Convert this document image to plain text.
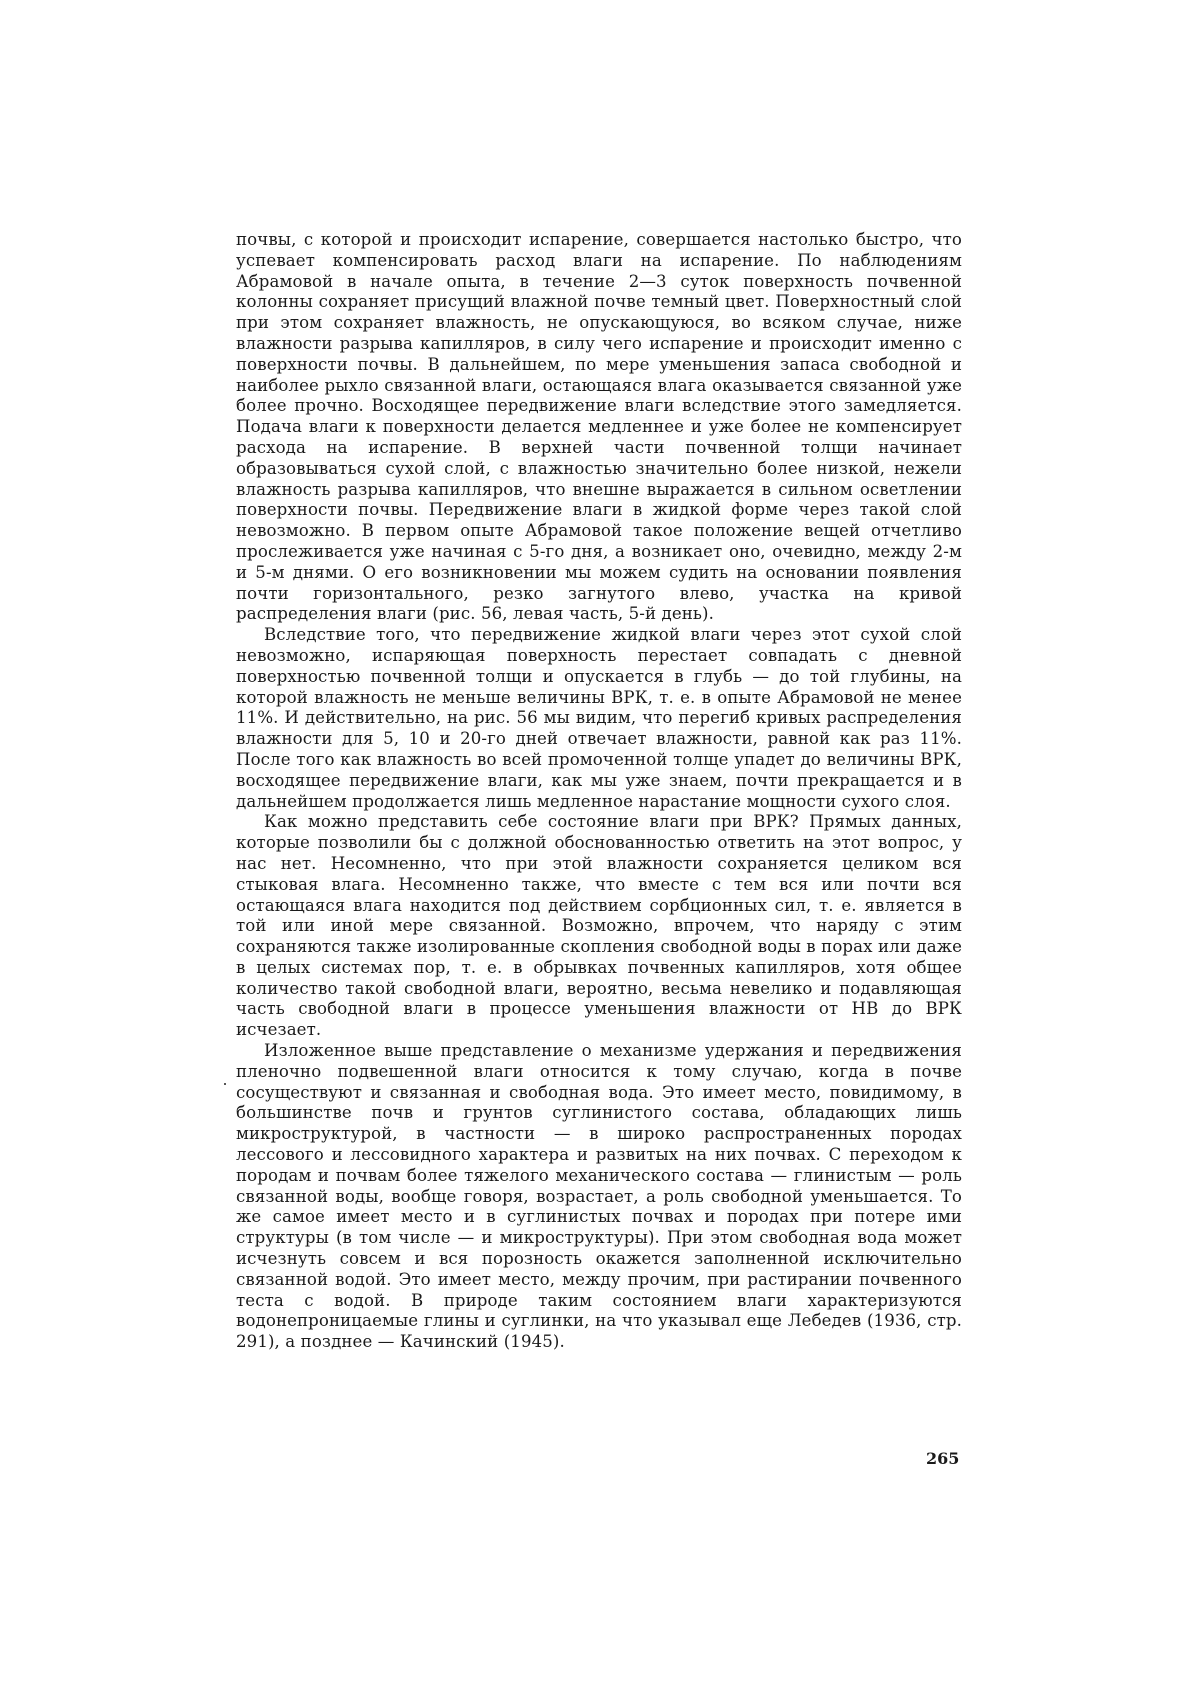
почвы, с которой и происходит испарение, совершается настолько быстро, что успевает компенсировать расход влаги на испарение. По наблюдениям Абрамовой в начале опыта, в течение 2—3 суток поверхность почвенной колонны сохраняет присущий влажной почве темный цвет. Поверхностный слой при этом сохраняет влажность, не опускающуюся, во всяком случае, ниже влажности разрыва капилляров, в силу чего испарение и происходит именно с поверхности почвы. В дальнейшем, по мере уменьшения запаса свободной и наиболее рыхло связанной влаги, остающаяся влага оказывается связанной уже более прочно. Восходящее передвижение влаги вследствие этого замедляется. Подача влаги к поверхности делается медленнее и уже более не компенсирует расхода на испарение. В верхней части почвенной толщи начинает образовываться сухой слой, с влажностью значительно более низкой, нежели влажность разрыва капилляров, что внешне выражается в сильном осветлении поверхности почвы. Передвижение влаги в жидкой форме через такой слой невозможно. В первом опыте Абрамовой такое положение вещей отчетливо прослеживается уже начиная с 5-го дня, а возникает оно, очевидно, между 2-м и 5-м днями. О его возникновении мы можем судить на основании появления почти горизонтального, резко загнутого влево, участка на кривой распределения влаги (рис. 56, левая часть, 5-й день).

Вследствие того, что передвижение жидкой влаги через этот сухой слой невозможно, испаряющая поверхность перестает совпадать с дневной поверхностью почвенной толщи и опускается в глубь — до той глубины, на которой влажность не меньше величины ВРК, т. е. в опыте Абрамовой не менее 11%. И действительно, на рис. 56 мы видим, что перегиб кривых распределения влажности для 5, 10 и 20-го дней отвечает влажности, равной как раз 11%. После того как влажность во всей промоченной толще упадет до величины ВРК, восходящее передвижение влаги, как мы уже знаем, почти прекращается и в дальнейшем продолжается лишь медленное нарастание мощности сухого слоя.

Как можно представить себе состояние влаги при ВРК? Прямых данных, которые позволили бы с должной обоснованностью ответить на этот вопрос, у нас нет. Несомненно, что при этой влажности сохраняется целиком вся стыковая влага. Несомненно также, что вместе с тем вся или почти вся остающаяся влага находится под действием сорбционных сил, т. е. является в той или иной мере связанной. Возможно, впрочем, что наряду с этим сохраняются также изолированные скопления свободной воды в порах или даже в целых системах пор, т. е. в обрывках почвенных капилляров, хотя общее количество такой свободной влаги, вероятно, весьма невелико и подавляющая часть свободной влаги в процессе уменьшения влажности от НВ до ВРК исчезает.

Изложенное выше представление о механизме удержания и передвижения пленочно подвешенной влаги относится к тому случаю, когда в почве сосуществуют и связанная и свободная вода. Это имеет место, повидимому, в большинстве почв и грунтов суглинистого состава, обладающих лишь микроструктурой, в частности — в широко распространенных породах лессового и лессовидного характера и развитых на них почвах. С переходом к породам и почвам более тяжелого механического состава — глинистым — роль связанной воды, вообще говоря, возрастает, а роль свободной уменьшается. То же самое имеет место и в суглинистых почвах и породах при потере ими структуры (в том числе — и микроструктуры). При этом свободная вода может исчезнуть совсем и вся порозность окажется заполненной исключительно связанной водой. Это имеет место, между прочим, при растирании почвенного теста с водой. В природе таким состоянием влаги характеризуются водонепроницаемые глины и суглинки, на что указывал еще Лебедев (1936, стр. 291), а позднее — Качинский (1945).

265
